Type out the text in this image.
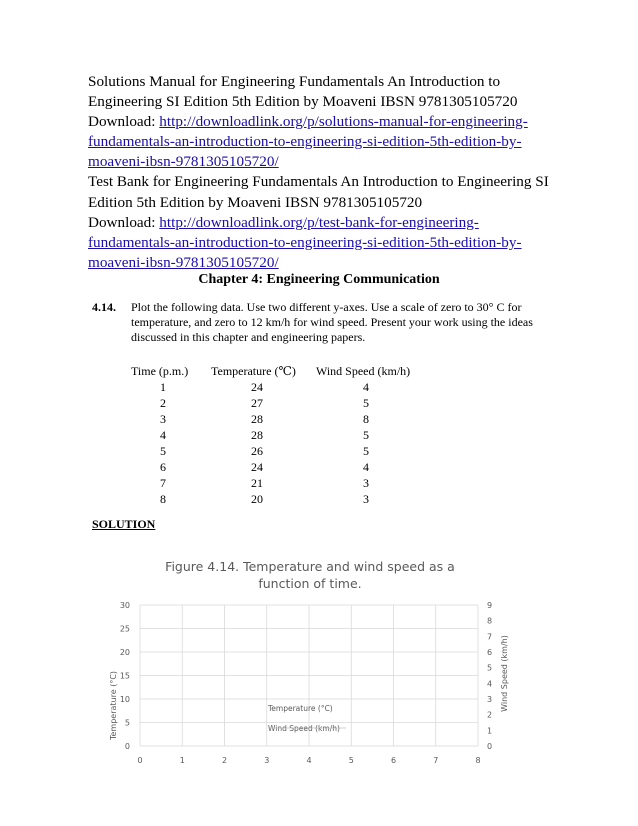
Solutions Manual for Engineering Fundamentals An Introduction to Engineering SI Edition 5th Edition by Moaveni IBSN 9781305105720
Download: http://downloadlink.org/p/solutions-manual-for-engineering-fundamentals-an-introduction-to-engineering-si-edition-5th-edition-by-moaveni-ibsn-9781305105720/

Test Bank for Engineering Fundamentals An Introduction to Engineering SI Edition 5th Edition by Moaveni IBSN 9781305105720
Download: http://downloadlink.org/p/test-bank-for-engineering-fundamentals-an-introduction-to-engineering-si-edition-5th-edition-by-moaveni-ibsn-9781305105720/

Chapter 4: Engineering Communication
4.14. Plot the following data. Use two different y-axes. Use a scale of zero to 30° C for temperature, and zero to 12 km/h for wind speed. Present your work using the ideas discussed in this chapter and engineering papers.
Time (p.m.)	Temperature (℃)	Wind Speed (km/h)
1	24	4
2	27	5
3	28	8
4	28	5
5	26	5
6	24	4
7	21	3
8	20	3
SOLUTION
Figure 4.14. Temperature and wind speed as a function of time.
0	1	2	3	4	5	6	7	8
0
5
10
15
20
25
30
0
1
2
3
4
5
6
7
8
9
Temperature (°C)	Wind Speed (km/h)
Temperature (°C)
Wind Speed (km/h)
